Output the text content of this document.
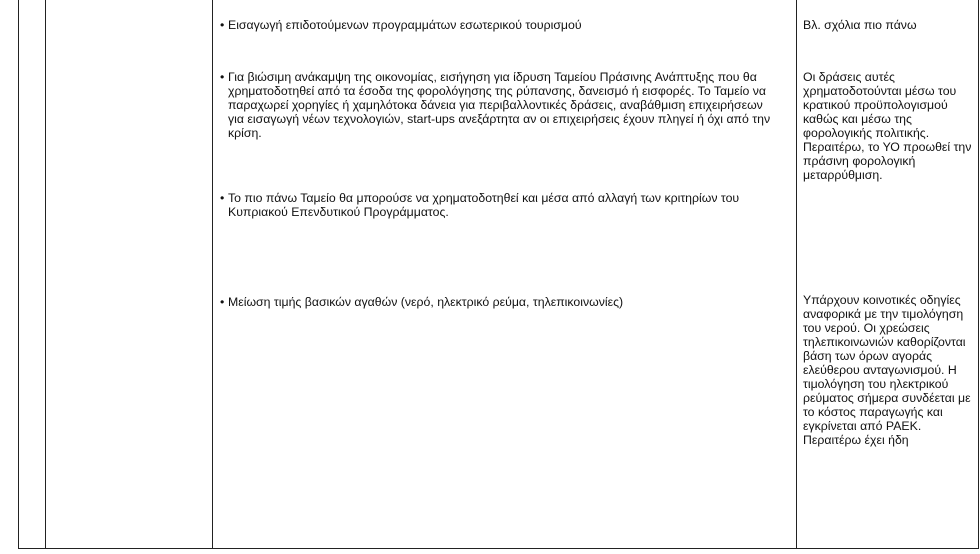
• Εισαγωγή επιδοτούμενων προγραμμάτων εσωτερικού τουρισμού	Βλ. σχόλια πιο πάνω
• Για βιώσιμη ανάκαμψη της οικονομίας, εισήγηση για ίδρυση Ταμείου Πράσινης Ανάπτυξης που θα χρηματοδοτηθεί από τα έσοδα της φορολόγησης της ρύπανσης, δανεισμό ή εισφορές. Το Ταμείο να παραχωρεί χορηγίες ή χαμηλότοκα δάνεια για περιβαλλοντικές δράσεις, αναβάθμιση επιχειρήσεων για εισαγωγή νέων τεχνολογιών, start-ups ανεξάρτητα αν οι επιχειρήσεις έχουν πληγεί ή όχι από την κρίση.
• Το πιο πάνω Ταμείο θα μπορούσε να χρηματοδοτηθεί και μέσα από αλλαγή των κριτηρίων του Κυπριακού Επενδυτικού Προγράμματος.
Οι δράσεις αυτές χρηματοδοτούνται μέσω του κρατικού προϋπολογισμού καθώς και μέσω της φορολογικής πολιτικής. Περαιτέρω, το ΥΟ προωθεί την πράσινη φορολογική μεταρρύθμιση.
• Μείωση τιμής βασικών αγαθών (νερό, ηλεκτρικό ρεύμα, τηλεπικοινωνίες)	Υπάρχουν κοινοτικές οδηγίες αναφορικά με την τιμολόγηση του νερού. Οι χρεώσεις τηλεπικοινωνιών καθορίζονται βάση των όρων αγοράς ελεύθερου ανταγωνισμού. Η τιμολόγηση του ηλεκτρικού ρεύματος σήμερα συνδέεται με το κόστος παραγωγής και εγκρίνεται από ΡΑΕΚ. Περαιτέρω έχει ήδη
